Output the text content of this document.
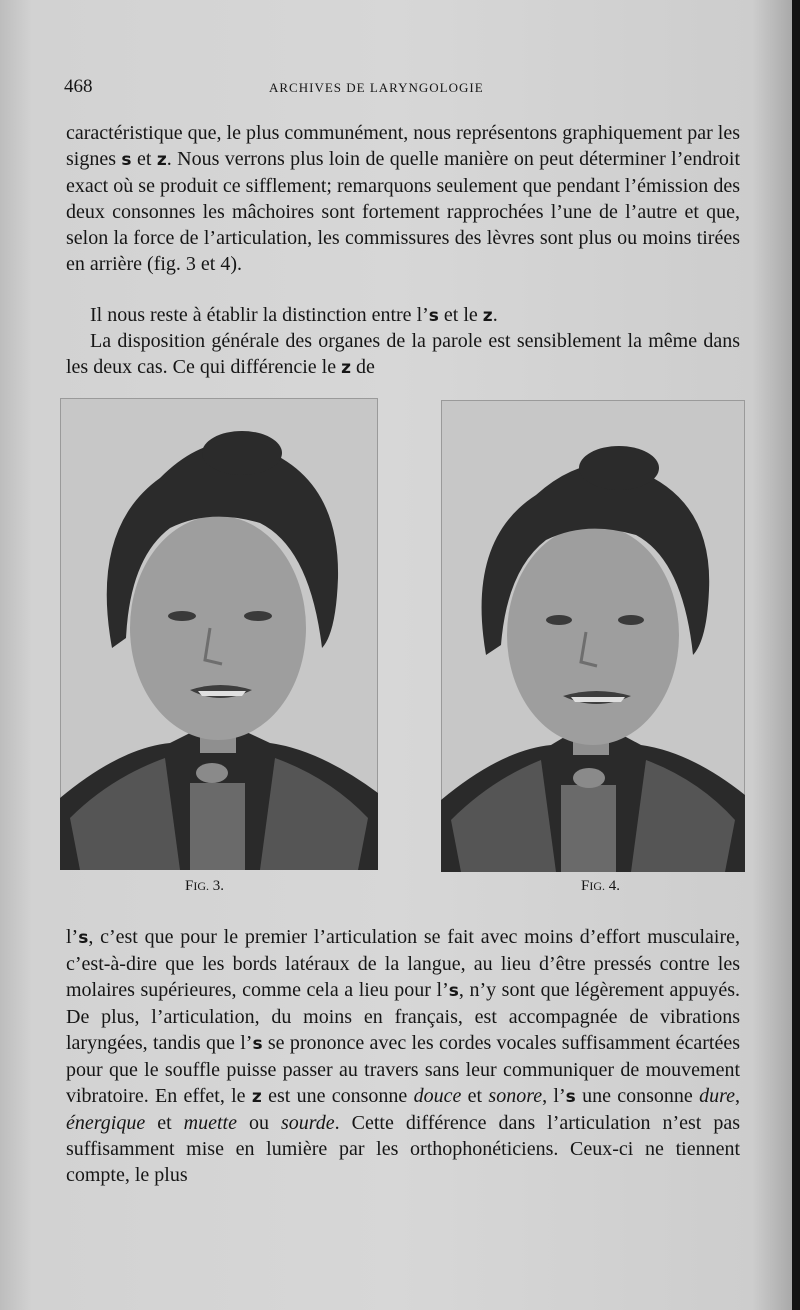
468	ARCHIVES DE LARYNGOLOGIE

caractéristique que, le plus communément, nous représentons graphiquement par les signes s et z. Nous verrons plus loin de quelle manière on peut déterminer l’endroit exact où se produit ce sifflement; remarquons seulement que pendant l’émission des deux consonnes les mâchoires sont fortement rapprochées l’une de l’autre et que, selon la force de l’articulation, les commissures des lèvres sont plus ou moins tirées en arrière (fig. 3 et 4).

Il nous reste à établir la distinction entre l’s et le z.

La disposition générale des organes de la parole est sensiblement la même dans les deux cas. Ce qui différencie le z de

FIG. 3.	FIG. 4.

l’s, c’est que pour le premier l’articulation se fait avec moins d’effort musculaire, c’est-à-dire que les bords latéraux de la langue, au lieu d’être pressés contre les molaires supérieures, comme cela a lieu pour l’s, n’y sont que légèrement appuyés. De plus, l’articulation, du moins en français, est accompagnée de vibrations laryngées, tandis que l’s se prononce avec les cordes vocales suffisamment écartées pour que le souffle puisse passer au travers sans leur communiquer de mouvement vibratoire. En effet, le z est une consonne douce et sonore, l’s une consonne dure, énergique et muette ou sourde. Cette différence dans l’articulation n’est pas suffisamment mise en lumière par les orthophonéticiens. Ceux-ci ne tiennent compte, le plus
